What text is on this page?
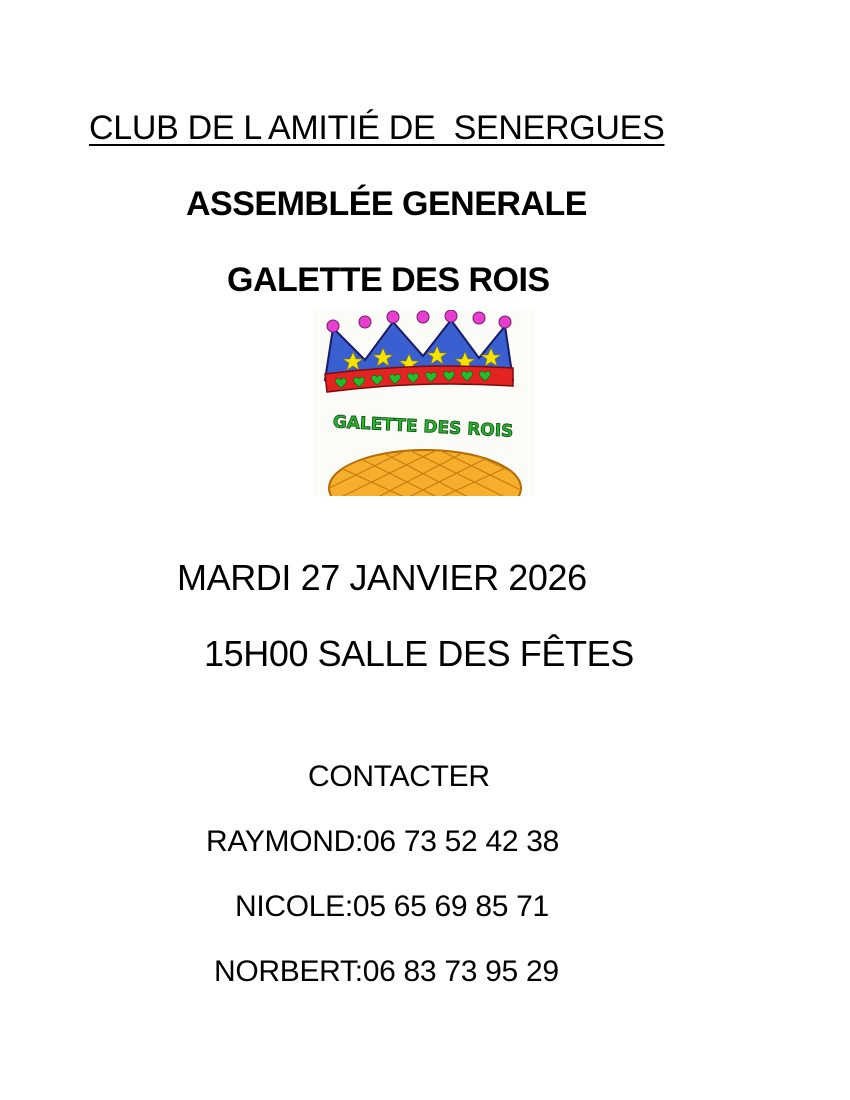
CLUB DE L AMITIÉ DE  SENERGUES
ASSEMBLÉE GENERALE
GALETTE DES ROIS
GALETTE DES ROIS
MARDI 27 JANVIER 2026
15H00 SALLE DES FÊTES
CONTACTER
RAYMOND:06 73 52 42 38
NICOLE:05 65 69 85 71
NORBERT:06 83 73 95 29
